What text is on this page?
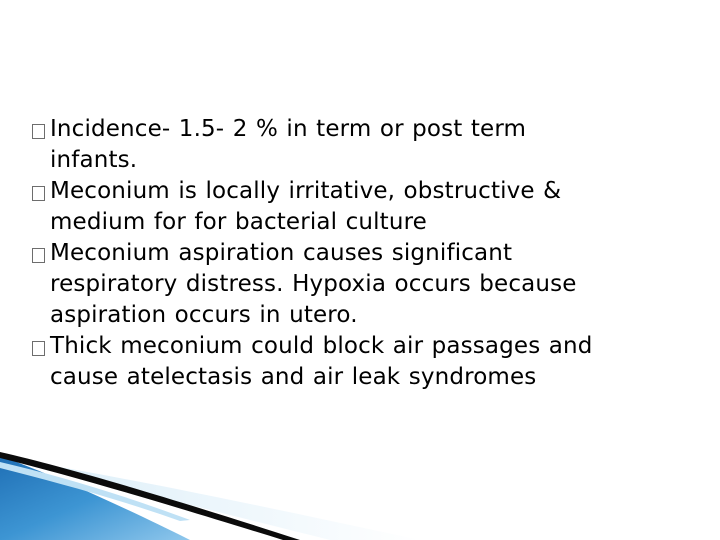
Incidence- 1.5- 2 % in term or post term
infants.
Meconium is locally irritative, obstructive &
medium for for bacterial culture
Meconium aspiration causes significant
respiratory distress. Hypoxia occurs because
aspiration occurs in utero.
Thick meconium could block air passages and
cause atelectasis and air leak syndromes
